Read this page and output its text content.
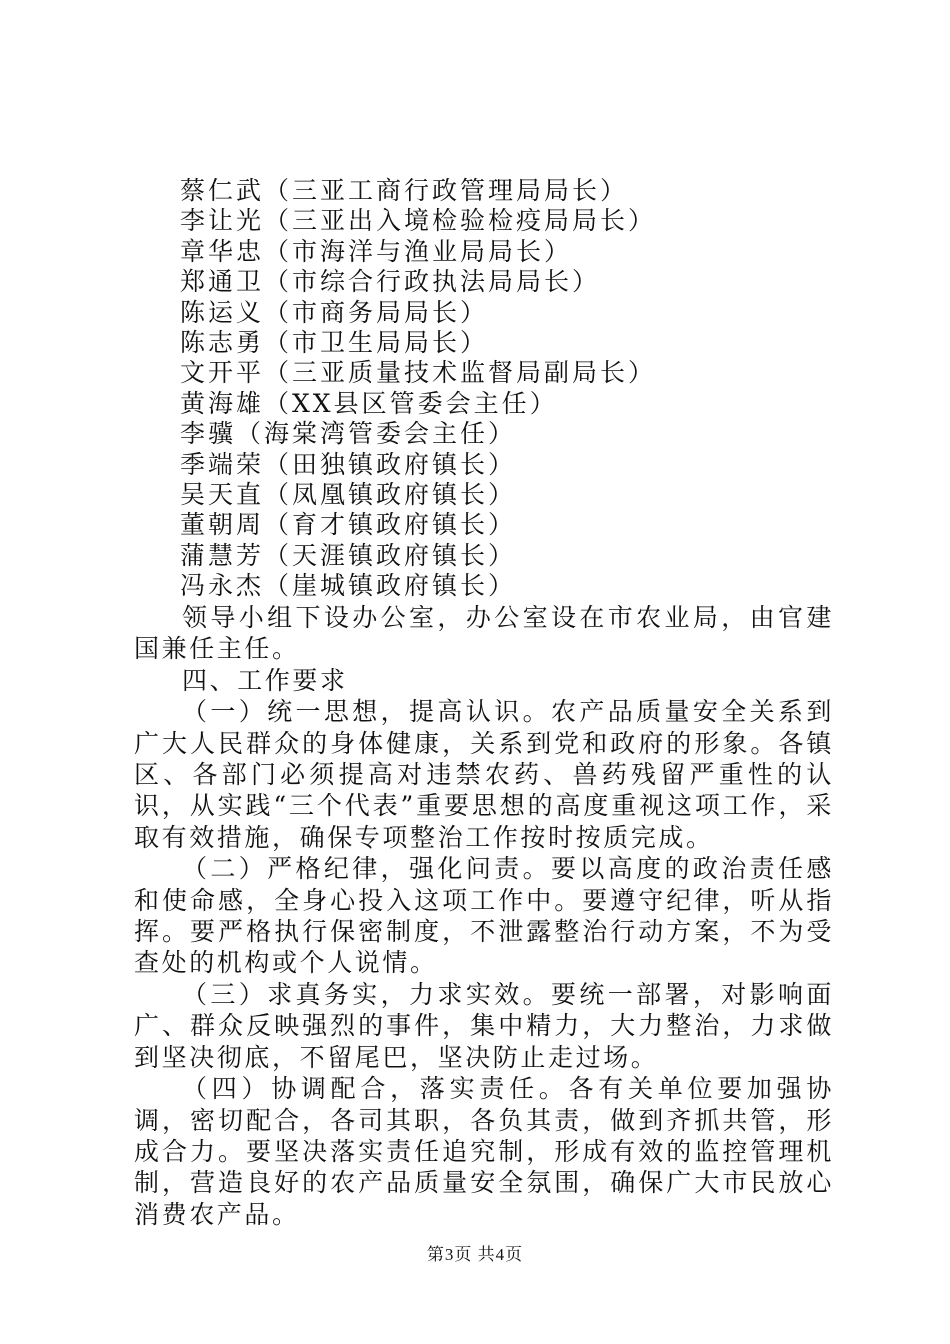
蔡仁武（三亚工商行政管理局局长）
李让光（三亚出入境检验检疫局局长）
章华忠（市海洋与渔业局局长）
郑通卫（市综合行政执法局局长）
陈运义（市商务局局长）
陈志勇（市卫生局局长）
文开平（三亚质量技术监督局副局长）
黄海雄（XX县区管委会主任）
李骥（海棠湾管委会主任）
季端荣（田独镇政府镇长）
吴天直（凤凰镇政府镇长）
董朝周（育才镇政府镇长）
蒲慧芳（天涯镇政府镇长）
冯永杰（崖城镇政府镇长）

领导小组下设办公室，办公室设在市农业局，由官建国兼任主任。

四、工作要求

（一）统一思想，提高认识。农产品质量安全关系到广大人民群众的身体健康，关系到党和政府的形象。各镇区、各部门必须提高对违禁农药、兽药残留严重性的认识，从实践“三个代表”重要思想的高度重视这项工作，采取有效措施，确保专项整治工作按时按质完成。

（二）严格纪律，强化问责。要以高度的政治责任感和使命感，全身心投入这项工作中。要遵守纪律，听从指挥。要严格执行保密制度，不泄露整治行动方案，不为受查处的机构或个人说情。

（三）求真务实，力求实效。要统一部署，对影响面广、群众反映强烈的事件，集中精力，大力整治，力求做到坚决彻底，不留尾巴，坚决防止走过场。

（四）协调配合，落实责任。各有关单位要加强协调，密切配合，各司其职，各负其责，做到齐抓共管，形成合力。要坚决落实责任追究制，形成有效的监控管理机制，营造良好的农产品质量安全氛围，确保广大市民放心消费农产品。

第3页 共4页
